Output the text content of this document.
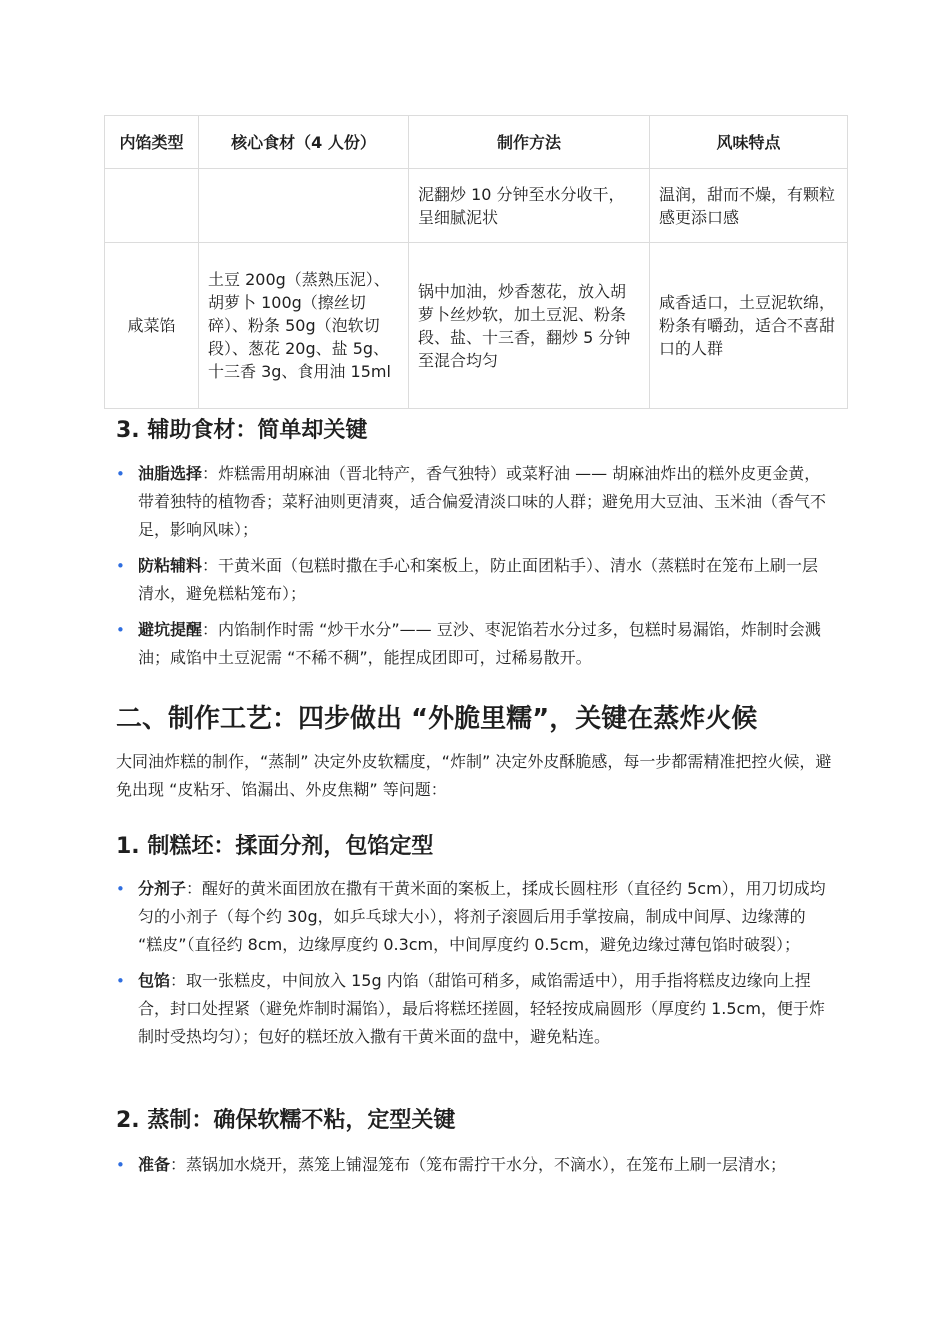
内馅类型	核心食材（4 人份）	制作方法	风味特点
		泥翻炒 10 分钟至水分收干，呈细腻泥状	温润，甜而不燥，有颗粒感更添口感
咸菜馅	土豆 200g（蒸熟压泥）、胡萝卜 100g（擦丝切碎）、粉条 50g（泡软切段）、葱花 20g、盐 5g、十三香 3g、食用油 15ml	锅中加油，炒香葱花，放入胡萝卜丝炒软，加土豆泥、粉条段、盐、十三香，翻炒 5 分钟至混合均匀	咸香适口，土豆泥软绵，粉条有嚼劲，适合不喜甜口的人群
3. 辅助食材：简单却关键
• 油脂选择：炸糕需用胡麻油（晋北特产，香气独特）或菜籽油 —— 胡麻油炸出的糕外皮更金黄，带着独特的植物香；菜籽油则更清爽，适合偏爱清淡口味的人群；避免用大豆油、玉米油（香气不足，影响风味）；
• 防粘辅料：干黄米面（包糕时撒在手心和案板上，防止面团粘手）、清水（蒸糕时在笼布上刷一层清水，避免糕粘笼布）；
• 避坑提醒：内馅制作时需 “炒干水分”—— 豆沙、枣泥馅若水分过多，包糕时易漏馅，炸制时会溅油；咸馅中土豆泥需 “不稀不稠”，能捏成团即可，过稀易散开。
二、制作工艺：四步做出 “外脆里糯”，关键在蒸炸火候

大同油炸糕的制作，“蒸制” 决定外皮软糯度，“炸制” 决定外皮酥脆感，每一步都需精准把控火候，避免出现 “皮粘牙、馅漏出、外皮焦糊” 等问题：

1. 制糕坯：揉面分剂，包馅定型
• 分剂子：醒好的黄米面团放在撒有干黄米面的案板上，揉成长圆柱形（直径约 5cm），用刀切成均匀的小剂子（每个约 30g，如乒乓球大小），将剂子滚圆后用手掌按扁，制成中间厚、边缘薄的 “糕皮”（直径约 8cm，边缘厚度约 0.3cm，中间厚度约 0.5cm，避免边缘过薄包馅时破裂）；
• 包馅：取一张糕皮，中间放入 15g 内馅（甜馅可稍多，咸馅需适中），用手指将糕皮边缘向上捏合，封口处捏紧（避免炸制时漏馅），最后将糕坯搓圆，轻轻按成扁圆形（厚度约 1.5cm，便于炸制时受热均匀）；包好的糕坯放入撒有干黄米面的盘中，避免粘连。
2. 蒸制：确保软糯不粘，定型关键
• 准备：蒸锅加水烧开，蒸笼上铺湿笼布（笼布需拧干水分，不滴水），在笼布上刷一层清水；
